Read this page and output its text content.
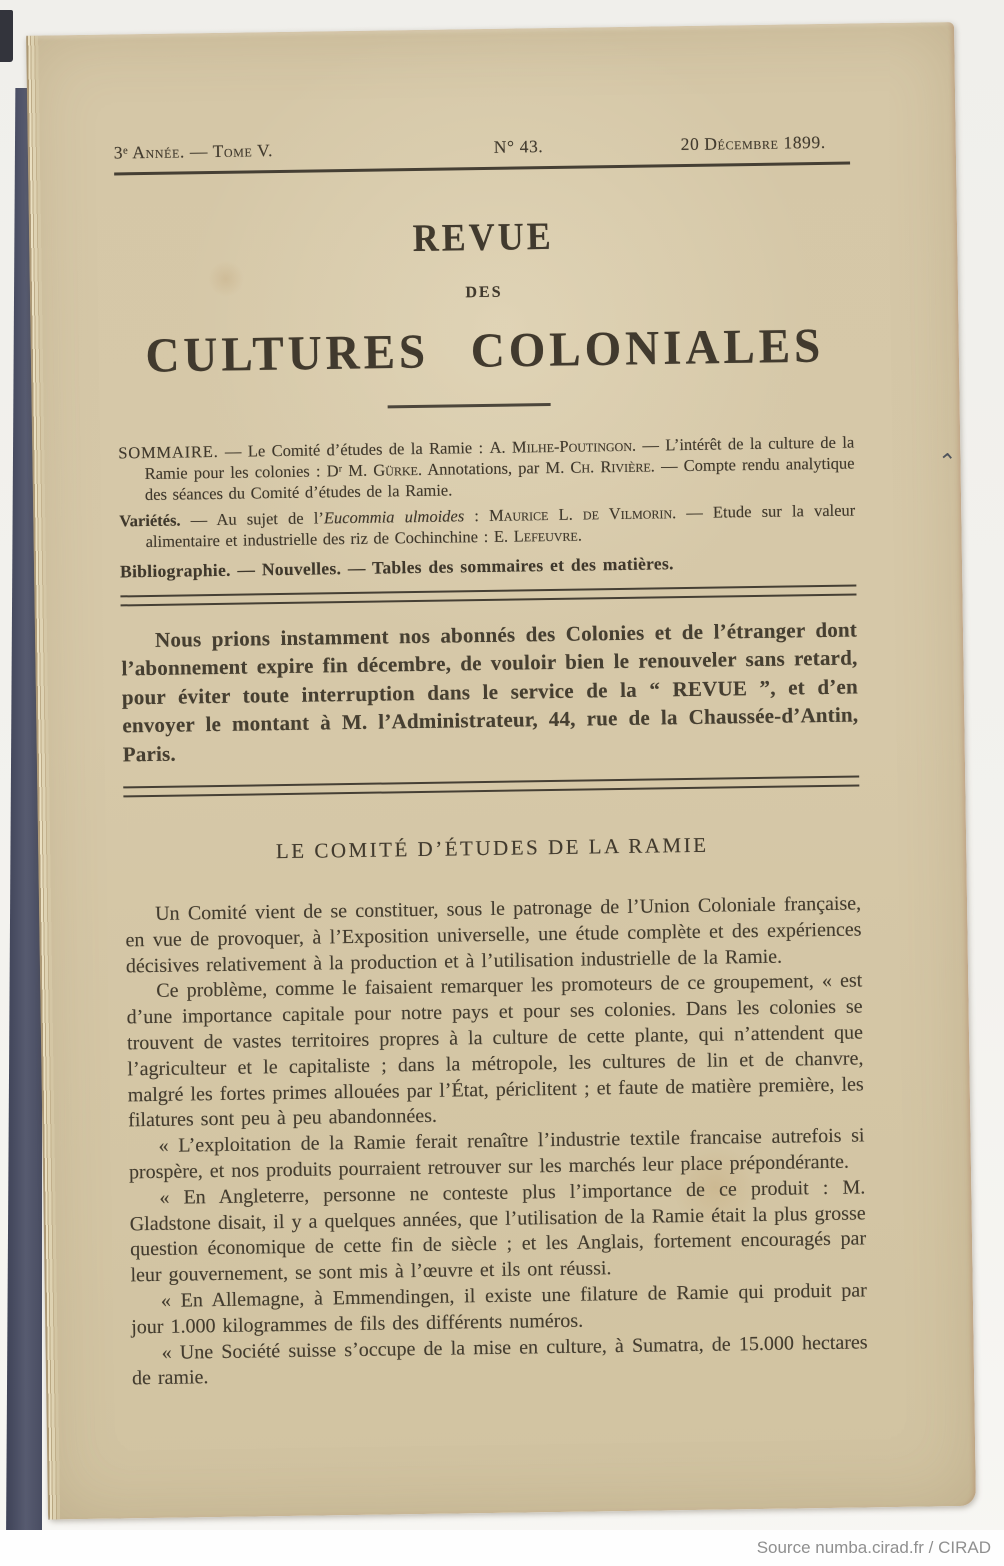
⌃
3ᵉ Année. — Tome V.	N° 43.	20 Décembre 1899.
REVUE
DES
CULTURES COLONIALES

SOMMAIRE. — Le Comité d’études de la Ramie : A. Milhe-Poutingon. — L’intérêt de la culture de la Ramie pour les colonies : Dʳ M. Gürke. Annotations, par M. Ch. Rivière. — Compte rendu analytique des séances du Comité d’études de la Ramie.

Variétés. — Au sujet de l’Eucommia ulmoides : Maurice L. de Vilmorin. — Etude sur la valeur alimentaire et industrielle des riz de Cochinchine : E. Lefeuvre.

Bibliographie. — Nouvelles. — Tables des sommaires et des matières.

Nous prions instamment nos abonnés des Colonies et de l’étranger dont l’abonnement expire fin décembre, de vouloir bien le renouveler sans retard, pour éviter toute interruption dans le service de la “ REVUE ”, et d’en envoyer le montant à M. l’Administrateur, 44, rue de la Chaussée-d’Antin, Paris.

LE COMITÉ D’ÉTUDES DE LA RAMIE

Un Comité vient de se constituer, sous le patronage de l’Union Coloniale française, en vue de provoquer, à l’Exposition universelle, une étude complète et des expériences décisives relativement à la production et à l’utilisation industrielle de la Ramie.

Ce problème, comme le faisaient remarquer les promoteurs de ce groupement, « est d’une importance capitale pour notre pays et pour ses colonies. Dans les colonies se trouvent de vastes territoires propres à la culture de cette plante, qui n’attendent que l’agriculteur et le capitaliste ; dans la métropole, les cultures de lin et de chanvre, malgré les fortes primes allouées par l’État, périclitent ; et faute de matière première, les filatures sont peu à peu abandonnées.

« L’exploitation de la Ramie ferait renaître l’industrie textile francaise autrefois si prospère, et nos produits pourraient retrouver sur les marchés leur place prépondérante.

« En Angleterre, personne ne conteste plus l’importance de ce produit : M. Gladstone disait, il y a quelques années, que l’utilisation de la Ramie était la plus grosse question économique de cette fin de siècle ; et les Anglais, fortement encouragés par leur gouvernement, se sont mis à l’œuvre et ils ont réussi.

« En Allemagne, à Emmendingen, il existe une filature de Ramie qui produit par jour 1.000 kilogrammes de fils des différents numéros.

« Une Société suisse s’occupe de la mise en culture, à Sumatra, de 15.000 hectares de ramie.

Source numba.cirad.fr / CIRAD
